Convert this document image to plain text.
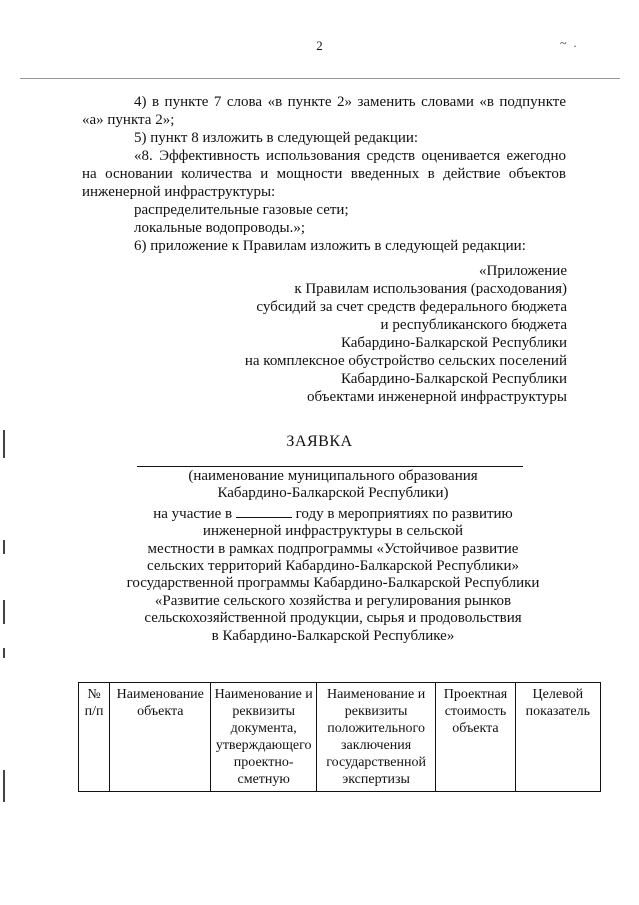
2	~ .

4) в пункте 7 слова «в пункте 2» заменить словами «в подпункте «а» пункта 2»;

5) пункт 8 изложить в следующей редакции:

«8. Эффективность использования средств оценивается ежегодно на основании количества и мощности введенных в действие объектов инженерной инфраструктуры:

распределительные газовые сети;

локальные водопроводы.»;

6) приложение к Правилам изложить в следующей редакции:

«Приложение
к Правилам использования (расходования)
субсидий за счет средств федерального бюджета
и республиканского бюджета
Кабардино-Балкарской Республики
на комплексное обустройство сельских поселений
Кабардино-Балкарской Республики
объектами инженерной инфраструктуры
ЗАЯВКА
(наименование муниципального образования
Кабардино-Балкарской Республики)
на участие в	году в мероприятиях по развитию
инженерной инфраструктуры в сельской
местности в рамках подпрограммы «Устойчивое развитие
сельских территорий Кабардино-Балкарской Республики»
государственной программы Кабардино-Балкарской Республики
«Развитие сельского хозяйства и регулирования рынков
сельскохозяйственной продукции, сырья и продовольствия
в Кабардино-Балкарской Республике»
№ п/п	Наименование объекта	Наименование и реквизиты документа, утверждающего проектно-сметную	Наименование и реквизиты положительного заключения государственной экспертизы	Проектная стоимость объекта	Целевой показатель
